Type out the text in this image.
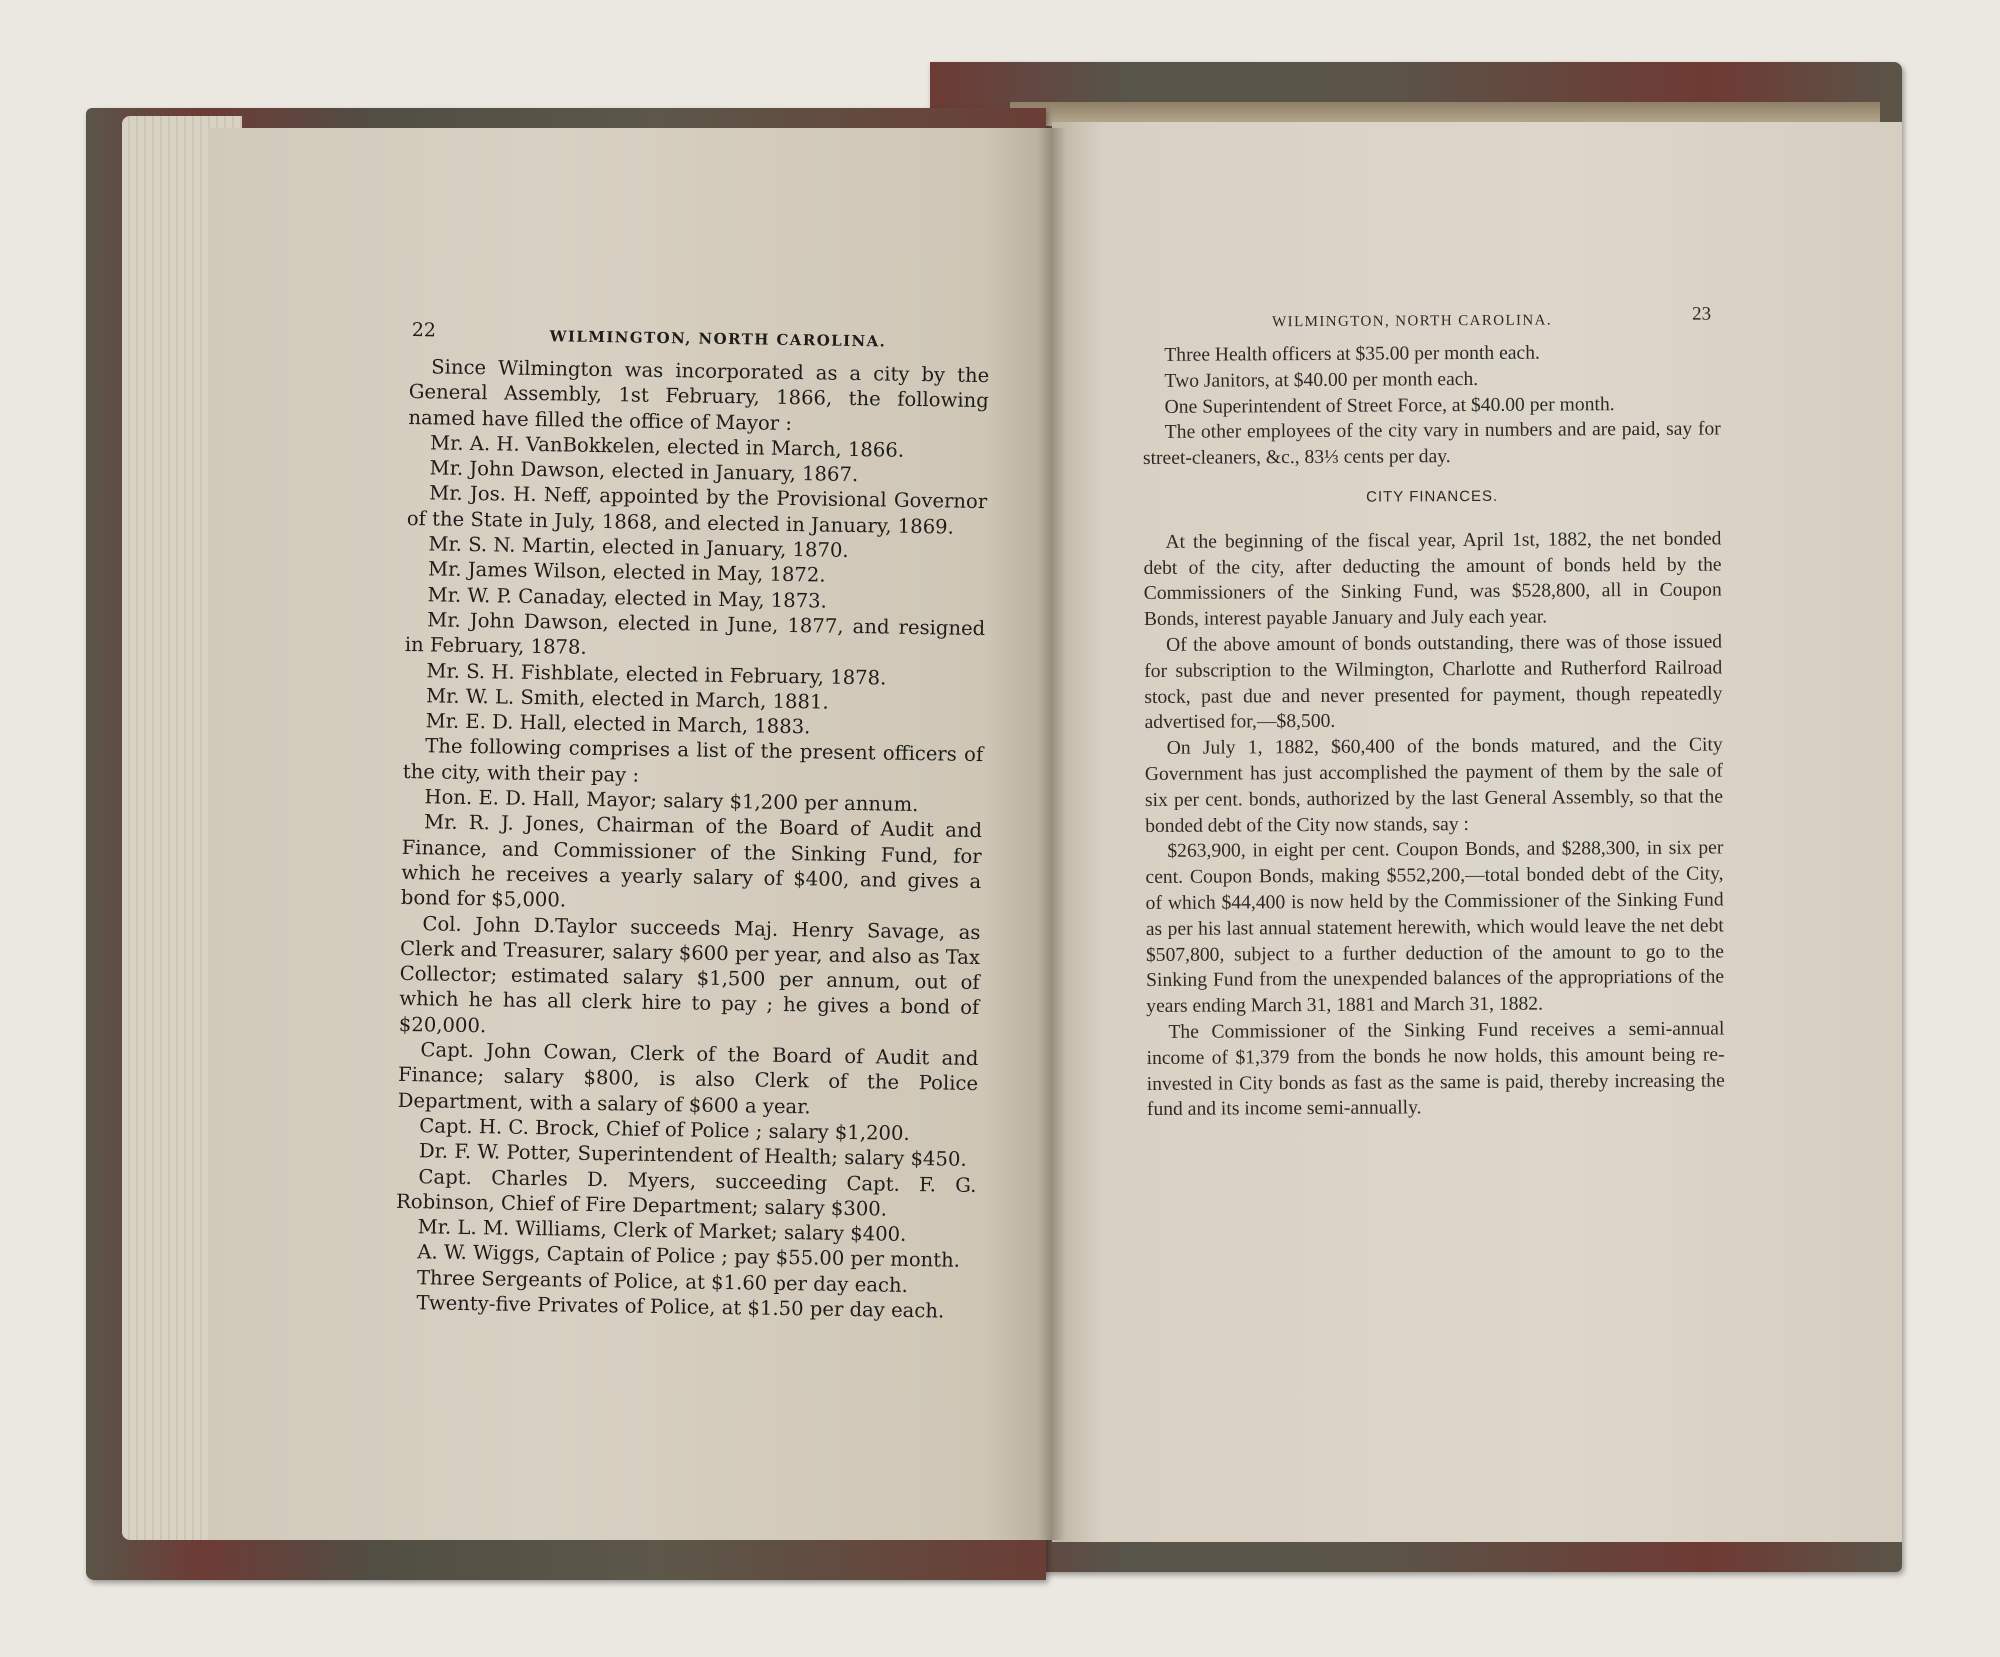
22	WILMINGTON, NORTH CAROLINA.

Since Wilmington was incorporated as a city by the General Assembly, 1st February, 1866, the following named have filled the office of Mayor :

Mr. A. H. VanBokkelen, elected in March, 1866.

Mr. John Dawson, elected in January, 1867.

Mr. Jos. H. Neff, appointed by the Provisional Governor of the State in July, 1868, and elected in January, 1869.

Mr. S. N. Martin, elected in January, 1870.

Mr. James Wilson, elected in May, 1872.

Mr. W. P. Canaday, elected in May, 1873.

Mr. John Dawson, elected in June, 1877, and resigned in February, 1878.

Mr. S. H. Fishblate, elected in February, 1878.

Mr. W. L. Smith, elected in March, 1881.

Mr. E. D. Hall, elected in March, 1883.

The following comprises a list of the present officers of the city, with their pay :

Hon. E. D. Hall, Mayor; salary $1,200 per annum.

Mr. R. J. Jones, Chairman of the Board of Audit and Finance, and Commissioner of the Sinking Fund, for which he receives a yearly salary of $400, and gives a bond for $5,000.

Col. John D.Taylor succeeds Maj. Henry Savage, as Clerk and Treasurer, salary $600 per year, and also as Tax Collector; estimated salary $1,500 per annum, out of which he has all clerk hire to pay ; he gives a bond of $20,000.

Capt. John Cowan, Clerk of the Board of Audit and Finance; salary $800, is also Clerk of the Police Department, with a salary of $600 a year.

Capt. H. C. Brock, Chief of Police ; salary $1,200.

Dr. F. W. Potter, Superintendent of Health; salary $450.

Capt. Charles D. Myers, succeeding Capt. F. G. Robinson, Chief of Fire Department; salary $300.

Mr. L. M. Williams, Clerk of Market; salary $400.

A. W. Wiggs, Captain of Police ; pay $55.00 per month.

Three Sergeants of Police, at $1.60 per day each.

Twenty-five Privates of Police, at $1.50 per day each.

WILMINGTON, NORTH CAROLINA.	23

Three Health officers at $35.00 per month each.

Two Janitors, at $40.00 per month each.

One Superintendent of Street Force, at $40.00 per month.

The other employees of the city vary in numbers and are paid, say for street-cleaners, &c., 83⅓ cents per day.

CITY FINANCES.

At the beginning of the fiscal year, April 1st, 1882, the net bonded debt of the city, after deducting the amount of bonds held by the Commissioners of the Sinking Fund, was $528,800, all in Coupon Bonds, interest payable January and July each year.

Of the above amount of bonds outstanding, there was of those issued for subscription to the Wilmington, Charlotte and Rutherford Railroad stock, past due and never presented for payment, though repeatedly advertised for,—$8,500.

On July 1, 1882, $60,400 of the bonds matured, and the City Government has just accomplished the payment of them by the sale of six per cent. bonds, authorized by the last General Assembly, so that the bonded debt of the City now stands, say :

$263,900, in eight per cent. Coupon Bonds, and $288,300, in six per cent. Coupon Bonds, making $552,200,—total bonded debt of the City, of which $44,400 is now held by the Commissioner of the Sinking Fund as per his last annual statement herewith, which would leave the net debt $507,800, subject to a further deduction of the amount to go to the Sinking Fund from the unexpended balances of the appropriations of the years ending March 31, 1881 and March 31, 1882.

The Commissioner of the Sinking Fund receives a semi-annual income of $1,379 from the bonds he now holds, this amount being re-invested in City bonds as fast as the same is paid, thereby increasing the fund and its income semi-annually.
